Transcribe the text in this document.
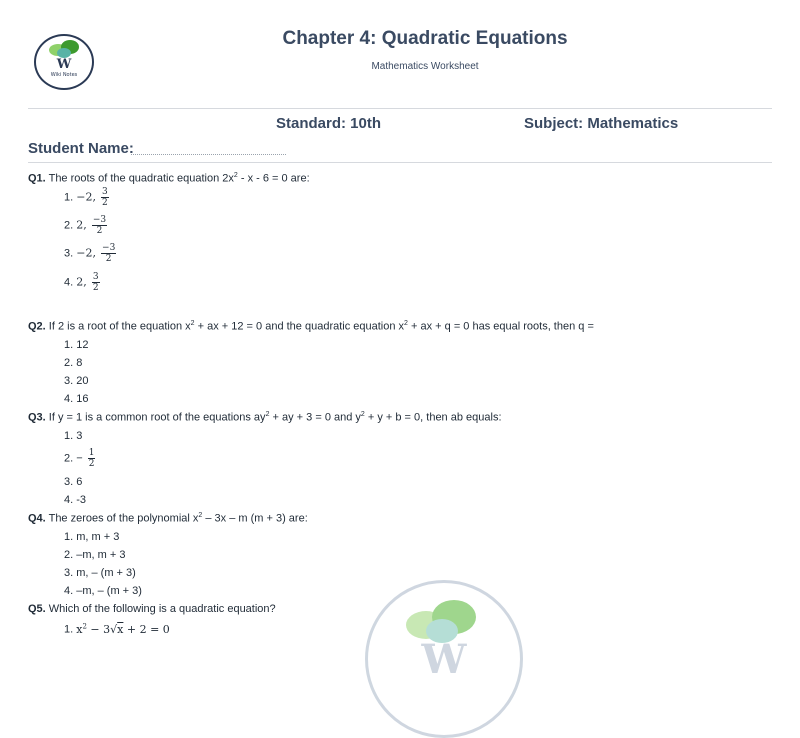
W
Wiki Notes
Chapter 4: Quadratic Equations
Mathematics Worksheet
Standard: 10th	Subject: Mathematics
Student Name:
Q1. The roots of the quadratic equation $2x^2 - x - 6 = 0$ are:
1. −2, $\frac{3}{2}$
2. 2, $\frac{-3}{2}$
3. −2, $\frac{-3}{2}$
4. 2, $\frac{3}{2}$
Q2. If 2 is a root of the equation $x^2$ + ax + 12 = 0 and the quadratic equation $x^2$ + ax + q = 0 has equal roots, then q =
1. 12
2. 8
3. 20
4. 16
Q3. If y = 1 is a common root of the equations $ay^2$ + ay + 3 = 0 and $y^2 + y + b = 0$, then ab equals:
1. 3
2. − $\frac{1}{2}$
3. 6
4. -3
Q4. The zeroes of the polynomial $x^2 - 3x$ – m (m + 3) are:
1. m, m + 3
2. –m, m + 3
3. m, – (m + 3)
4. –m, – (m + 3)
Q5. Which of the following is a quadratic equation?
1. $x^2 - 3√x + 2 = 0$
W
